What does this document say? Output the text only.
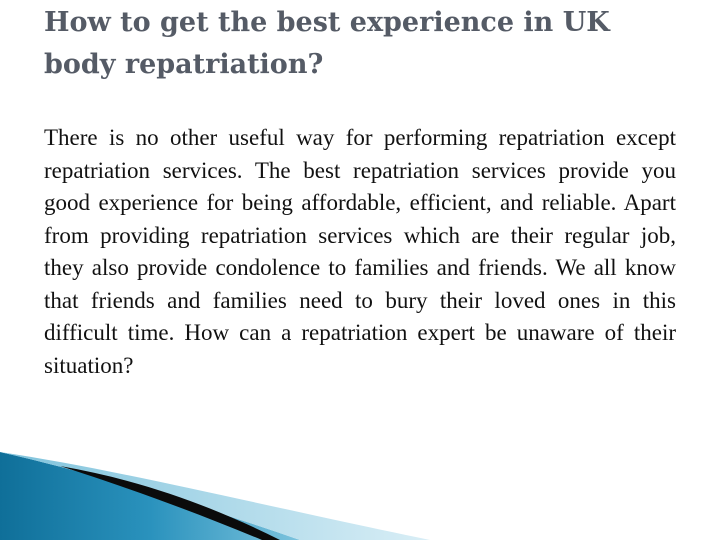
How to get the best experience in UK body repatriation?

There is no other useful way for performing repatriation except repatriation services. The best repatriation services provide you good experience for being affordable, efficient, and reliable. Apart from providing repatriation services which are their regular job, they also provide condolence to families and friends. We all know that friends and families need to bury their loved ones in this difficult time. How can a repatriation expert be unaware of their situation?
